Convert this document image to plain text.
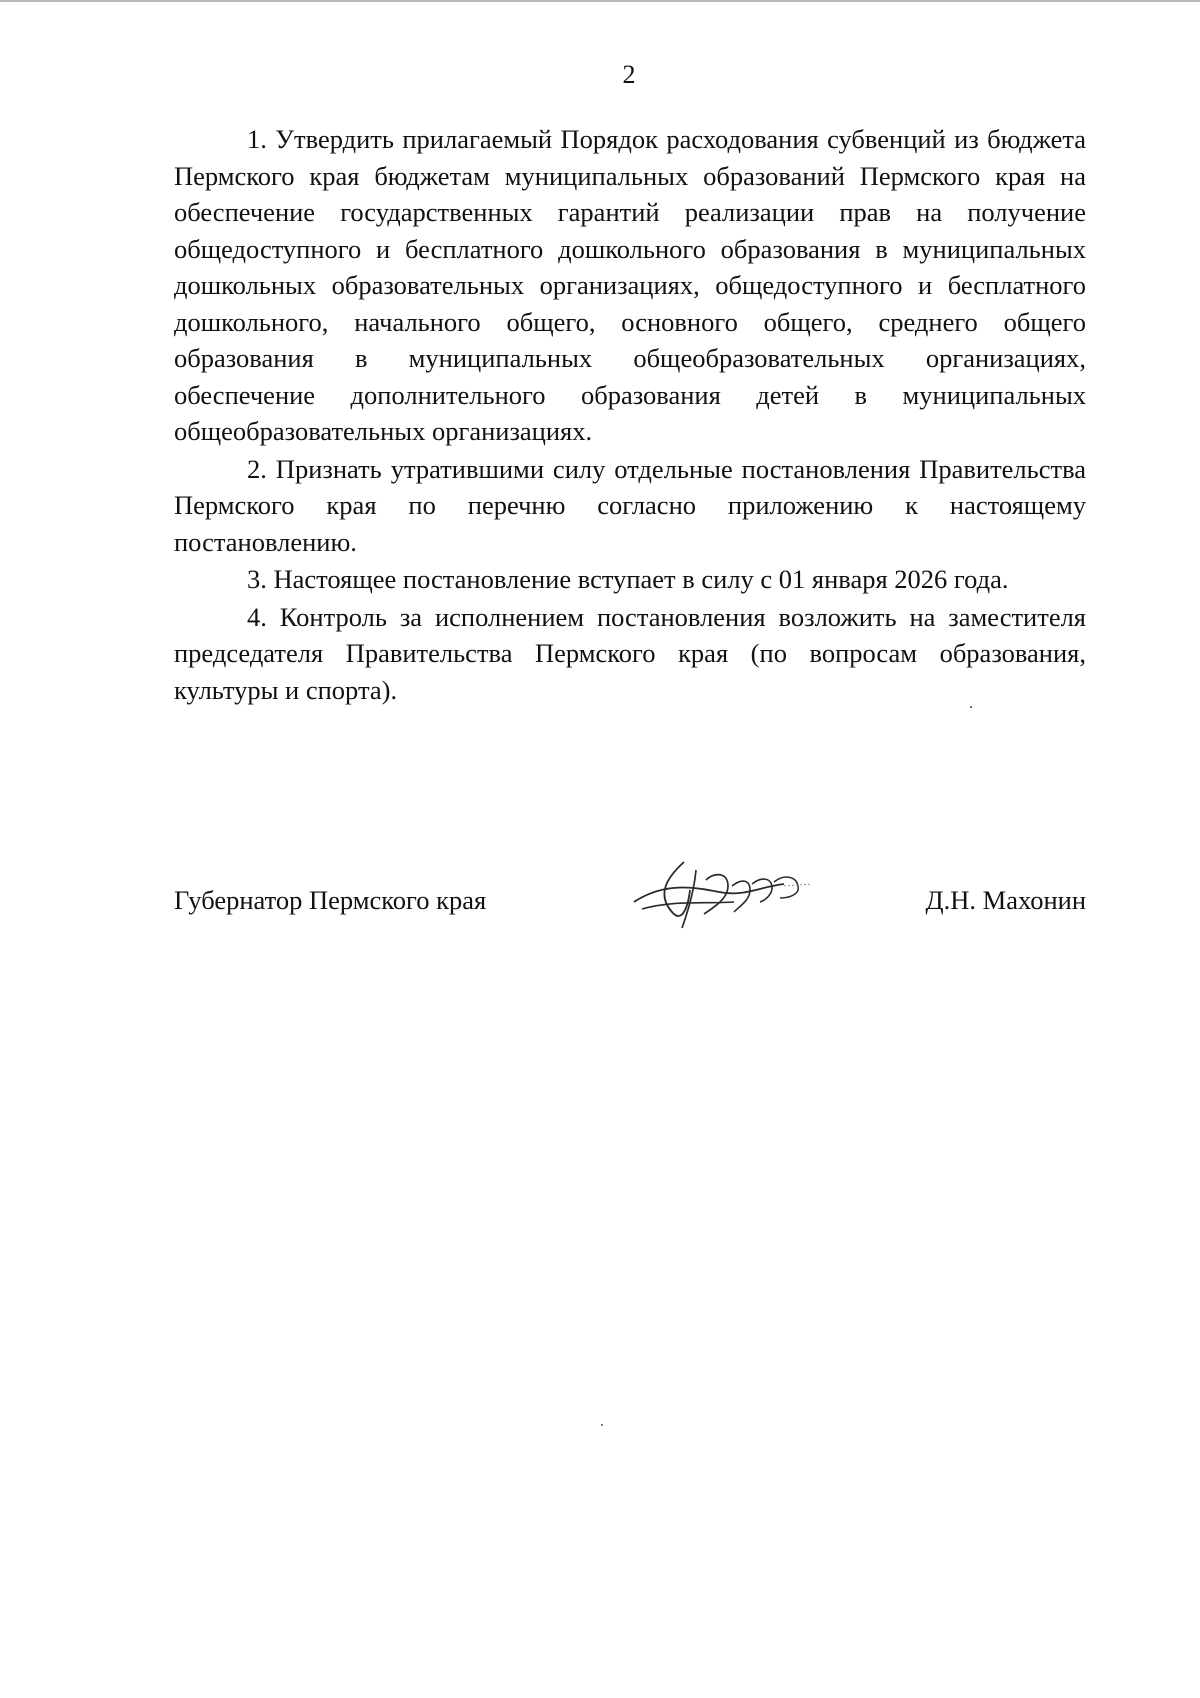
2

1. Утвердить прилагаемый Порядок расходования субвенций из бюджета Пермского края бюджетам муниципальных образований Пермского края на обеспечение государственных гарантий реализации прав на получение общедоступного и бесплатного дошкольного образования в муниципальных дошкольных образовательных организациях, общедоступного и бесплатного дошкольного, начального общего, основного общего, среднего общего образования в муниципальных общеобразовательных организациях, обеспечение дополнительного образования детей в муниципальных общеобразовательных организациях.

2. Признать утратившими силу отдельные постановления Правительства Пермского края по перечню согласно приложению к настоящему постановлению.

3. Настоящее постановление вступает в силу с 01 января 2026 года.

4. Контроль за исполнением постановления возложить на заместителя председателя Правительства Пермского края (по вопросам образования, культуры и спорта).

Губернатор Пермского края	Д.Н. Махонин
